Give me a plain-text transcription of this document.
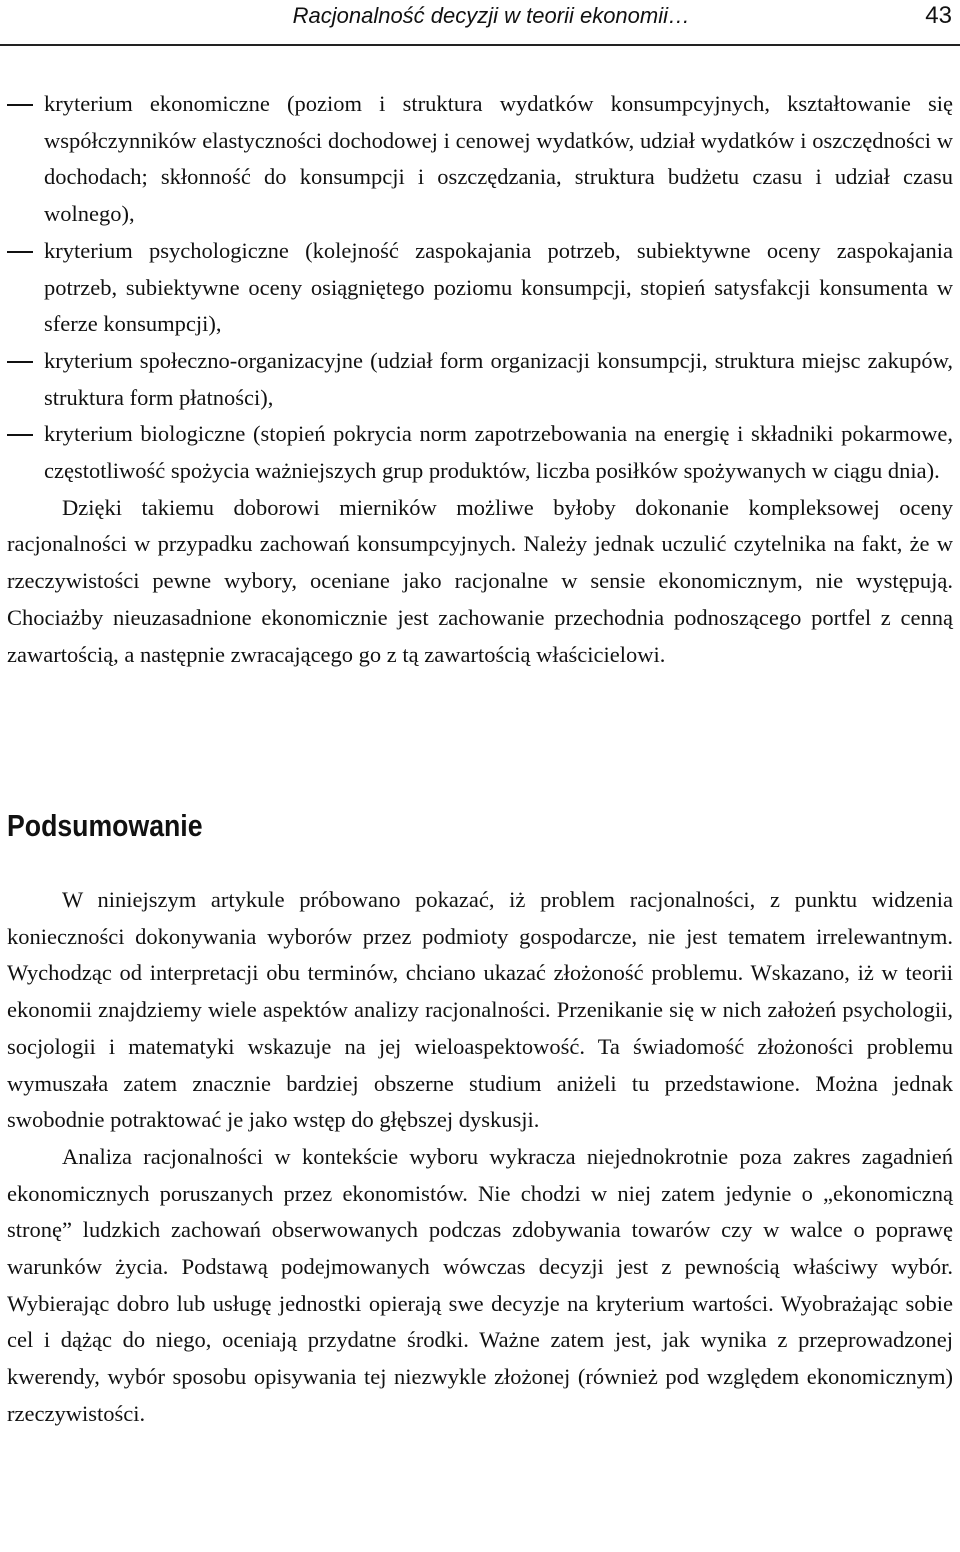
Racjonalność decyzji w teorii ekonomii…	43
kryterium ekonomiczne (poziom i struktura wydatków konsumpcyjnych, kształtowanie się współczynników elastyczności dochodowej i cenowej wydatków, udział wydatków i oszczędności w dochodach; skłonność do konsumpcji i oszczędzania, struktura budżetu czasu i udział czasu wolnego),
kryterium psychologiczne (kolejność zaspokajania potrzeb, subiektywne oceny zaspokajania potrzeb, subiektywne oceny osiągniętego poziomu konsumpcji, stopień satysfakcji konsumenta w sferze konsumpcji),
kryterium społeczno-organizacyjne (udział form organizacji konsumpcji, struktura miejsc zakupów, struktura form płatności),
kryterium biologiczne (stopień pokrycia norm zapotrzebowania na energię i składniki pokarmowe, częstotliwość spożycia ważniejszych grup produktów, liczba posiłków spożywanych w ciągu dnia).

Dzięki takiemu doborowi mierników możliwe byłoby dokonanie kompleksowej oceny racjonalności w przypadku zachowań konsumpcyjnych. Należy jednak uczulić czytelnika na fakt, że w rzeczywistości pewne wybory, oceniane jako racjonalne w sensie ekonomicznym, nie występują. Chociażby nieuzasadnione ekonomicznie jest zachowanie przechodnia podnoszącego portfel z cenną zawartością, a następnie zwracającego go z tą zawartością właścicielowi.

Podsumowanie

W niniejszym artykule próbowano pokazać, iż problem racjonalności, z punktu widzenia konieczności dokonywania wyborów przez podmioty gospodarcze, nie jest tematem irrelewantnym. Wychodząc od interpretacji obu terminów, chciano ukazać złożoność problemu. Wskazano, iż w teorii ekonomii znajdziemy wiele aspektów analizy racjonalności. Przenikanie się w nich założeń psychologii, socjologii i matematyki wskazuje na jej wieloaspektowość. Ta świadomość złożoności problemu wymuszała zatem znacznie bardziej obszerne studium aniżeli tu przedstawione. Można jednak swobodnie potraktować je jako wstęp do głębszej dyskusji.

Analiza racjonalności w kontekście wyboru wykracza niejednokrotnie poza zakres zagadnień ekonomicznych poruszanych przez ekonomistów. Nie chodzi w niej zatem jedynie o „ekonomiczną stronę” ludzkich zachowań obserwowanych podczas zdobywania towarów czy w walce o poprawę warunków życia. Podstawą podejmowanych wówczas decyzji jest z pewnością właściwy wybór. Wybierając dobro lub usługę jednostki opierają swe decyzje na kryterium wartości. Wyobrażając sobie cel i dążąc do niego, oceniają przydatne środki. Ważne zatem jest, jak wynika z przeprowadzonej kwerendy, wybór sposobu opisywania tej niezwykle złożonej (również pod względem ekonomicznym) rzeczywistości.
